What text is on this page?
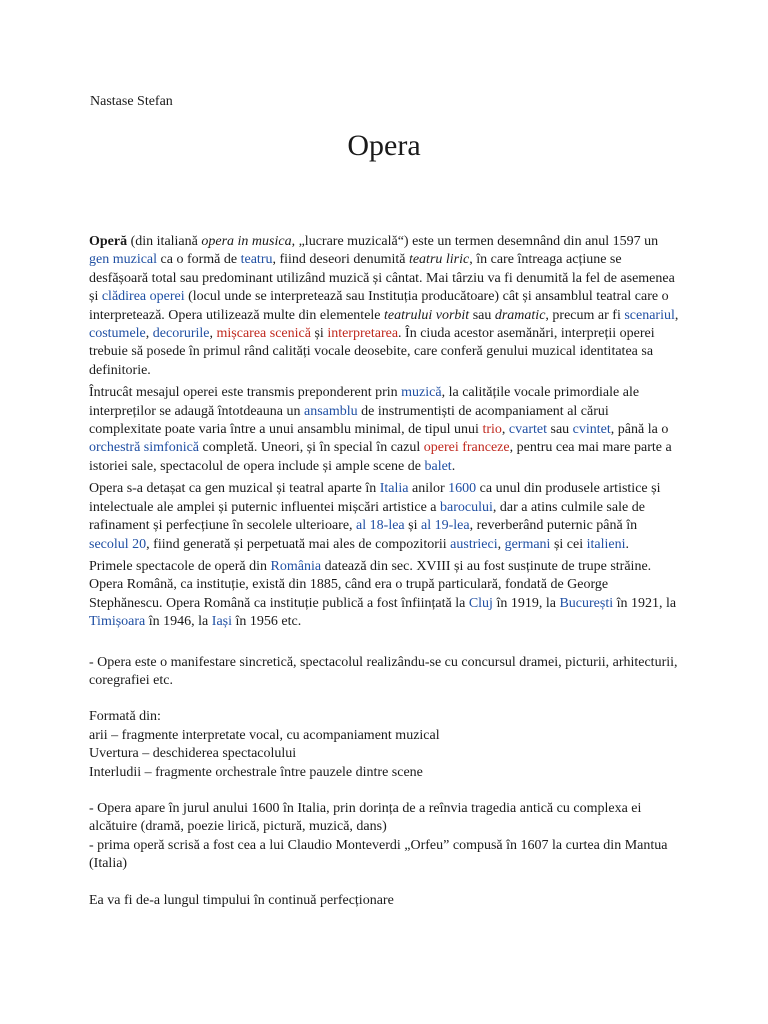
Nastase Stefan
Opera

Operă (din italiană opera in musica, „lucrare muzicală“) este un termen desemnând din anul 1597 un gen muzical ca o formă de teatru, fiind deseori denumită teatru liric, în care întreaga acțiune se desfășoară total sau predominant utilizând muzică și cântat. Mai târziu va fi denumită la fel de asemenea și clădirea operei (locul unde se interpretează sau Instituția producătoare) cât și ansamblul teatral care o interpretează. Opera utilizează multe din elementele teatrului vorbit sau dramatic, precum ar fi scenariul, costumele, decorurile, mișcarea scenică și interpretarea. În ciuda acestor asemănări, interpreții operei trebuie să posede în primul rând calități vocale deosebite, care conferă genului muzical identitatea sa definitorie.

Întrucât mesajul operei este transmis preponderent prin muzică, la calitățile vocale primordiale ale interpreților se adaugă întotdeauna un ansamblu de instrumentiști de acompaniament al cărui complexitate poate varia între a unui ansamblu minimal, de tipul unui trio, cvartet sau cvintet, până la o orchestră simfonică completă. Uneori, și în special în cazul operei franceze, pentru cea mai mare parte a istoriei sale, spectacolul de opera include și ample scene de balet.

Opera s-a detașat ca gen muzical și teatral aparte în Italia anilor 1600 ca unul din produsele artistice și intelectuale ale amplei și puternic influentei mișcări artistice a barocului, dar a atins culmile sale de rafinament și perfecțiune în secolele ulterioare, al 18-lea și al 19-lea, reverberând puternic până în secolul 20, fiind generată și perpetuată mai ales de compozitorii austrieci, germani și cei italieni.

Primele spectacole de operă din România datează din sec. XVIII și au fost susținute de trupe străine. Opera Română, ca instituție, există din 1885, când era o trupă particulară, fondată de George Stephănescu. Opera Română ca instituție publică a fost înființată la Cluj în 1919, la București în 1921, la Timișoara în 1946, la Iași în 1956 etc.

- Opera este o manifestare sincretică, spectacolul realizându-se cu concursul dramei, picturii, arhitecturii, coregrafiei etc.

Formată din:

arii – fragmente interpretate vocal, cu acompaniament muzical

Uvertura – deschiderea spectacolului

Interludii – fragmente orchestrale între pauzele dintre scene

- Opera apare în jurul anului 1600 în Italia, prin dorința de a reînvia tragedia antică cu complexa ei alcătuire (dramă, poezie lirică, pictură, muzică, dans)

- prima operă scrisă a fost cea a lui Claudio Monteverdi „Orfeu” compusă în 1607 la curtea din Mantua (Italia)

Ea va fi de-a lungul timpului în continuă perfecționare
